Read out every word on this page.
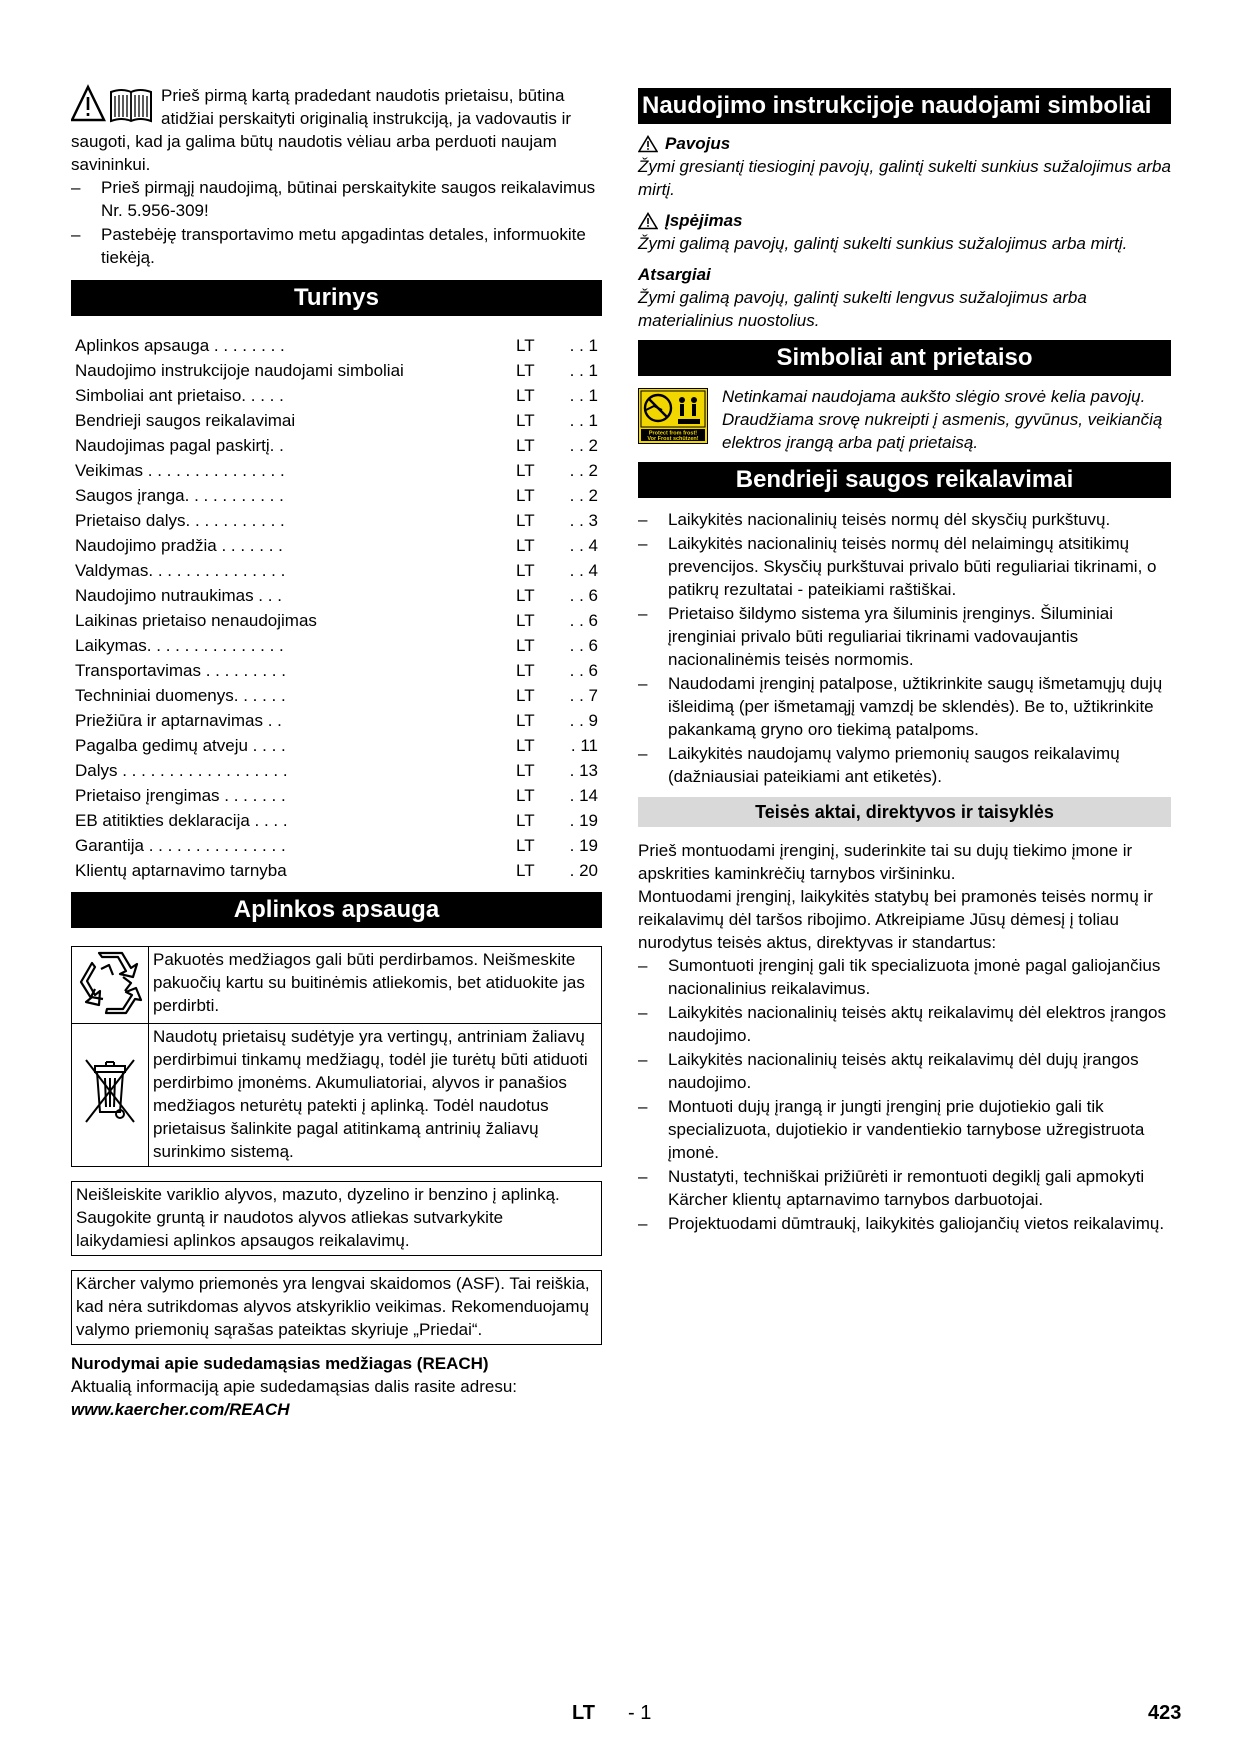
Prieš pirmą kartą pradedant naudotis prietaisu, būtina atidžiai perskaityti originalią instrukciją, ja vadovautis ir saugoti, kad ja galima būtų naudotis vėliau arba perduoti naujam savininkui.

– Prieš pirmąjį naudojimą, būtinai perskaitykite saugos reikalavimus Nr. 5.956-309!
– Pastebėję transportavimo metu apgadintas detales, informuokite tiekėją.
Turinys
Aplinkos apsauga . . . . . . . .	LT	. . 1
Naudojimo instrukcijoje naudojami simboliai	LT	. . 1
Simboliai ant prietaiso. . . . .	LT	. . 1
Bendrieji saugos reikalavimai	LT	. . 1
Naudojimas pagal paskirtį. .	LT	. . 2
Veikimas . . . . . . . . . . . . . . .	LT	. . 2
Saugos įranga. . . . . . . . . . .	LT	. . 2
Prietaiso dalys. . . . . . . . . . .	LT	. . 3
Naudojimo pradžia . . . . . . .	LT	. . 4
Valdymas. . . . . . . . . . . . . . .	LT	. . 4
Naudojimo nutraukimas . . .	LT	. . 6
Laikinas prietaiso nenaudojimas	LT	. . 6
Laikymas. . . . . . . . . . . . . . .	LT	. . 6
Transportavimas . . . . . . . . .	LT	. . 6
Techniniai duomenys. . . . . .	LT	. . 7
Priežiūra ir aptarnavimas . .	LT	. . 9
Pagalba gedimų atveju . . . .	LT	. 11
Dalys . . . . . . . . . . . . . . . . . .	LT	. 13
Prietaiso įrengimas . . . . . . .	LT	. 14
EB atitikties deklaracija . . . .	LT	. 19
Garantija . . . . . . . . . . . . . . .	LT	. 19
Klientų aptarnavimo tarnyba	LT	. 20
Aplinkos apsauga
	Pakuotės medžiagos gali būti perdirbamos. Neišmeskite pakuočių kartu su buitinėmis atliekomis, bet atiduokite jas perdirbti.
	Naudotų prietaisų sudėtyje yra vertingų, antriniam žaliavų perdirbimui tinkamų medžiagų, todėl jie turėtų būti atiduoti perdirbimo įmonėms. Akumuliatoriai, alyvos ir panašios medžiagos neturėtų patekti į aplinką. Todėl naudotus prietaisus šalinkite pagal atitinkamą antrinių žaliavų surinkimo sistemą.

Neišleiskite variklio alyvos, mazuto, dyzelino ir benzino į aplinką. Saugokite gruntą ir naudotos alyvos atliekas sutvarkykite laikydamiesi aplinkos apsaugos reikalavimų.

Kärcher valymo priemonės yra lengvai skaidomos (ASF). Tai reiškia, kad nėra sutrikdomas alyvos atskyriklio veikimas. Rekomenduojamų valymo priemonių sąrašas pateiktas skyriuje „Priedai“.

Nurodymai apie sudedamąsias medžiagas (REACH)

Aktualią informaciją apie sudedamąsias dalis rasite adresu:

www.kaercher.com/REACH

Naudojimo instrukcijoje naudojami simboliai
Pavojus

Žymi gresiantį tiesioginį pavojų, galintį sukelti sunkius sužalojimus arba mirtį.

Įspėjimas

Žymi galimą pavojų, galintį sukelti sunkius sužalojimus arba mirtį.

Atsargiai

Žymi galimą pavojų, galintį sukelti lengvus sužalojimus arba materialinius nuostolius.

Simboliai ant prietaiso
Protect from frost!
Vor Frost schützen!

Netinkamai naudojama aukšto slėgio srovė kelia pavojų. Draudžiama srovę nukreipti į asmenis, gyvūnus, veikiančią elektros įrangą arba patį prietaisą.

Bendrieji saugos reikalavimai
– Laikykitės nacionalinių teisės normų dėl skysčių purkštuvų.
– Laikykitės nacionalinių teisės normų dėl nelaimingų atsitikimų prevencijos. Skysčių purkštuvai privalo būti reguliariai tikrinami, o patikrų rezultatai - pateikiami raštiškai.
– Prietaiso šildymo sistema yra šiluminis įrenginys. Šiluminiai įrenginiai privalo būti reguliariai tikrinami vadovaujantis nacionalinėmis teisės normomis.
– Naudodami įrenginį patalpose, užtikrinkite saugų išmetamųjų dujų išleidimą (per išmetamąjį vamzdį be sklendės). Be to, užtikrinkite pakankamą gryno oro tiekimą patalpoms.
– Laikykitės naudojamų valymo priemonių saugos reikalavimų (dažniausiai pateikiami ant etiketės).
Teisės aktai, direktyvos ir taisyklės

Prieš montuodami įrenginį, suderinkite tai su dujų tiekimo įmone ir apskrities kaminkrėčių tarnybos viršininku.

Montuodami įrenginį, laikykitės statybų bei pramonės teisės normų ir reikalavimų dėl taršos ribojimo. Atkreipiame Jūsų dėmesį į toliau nurodytus teisės aktus, direktyvas ir standartus:

– Sumontuoti įrenginį gali tik specializuota įmonė pagal galiojančius nacionalinius reikalavimus.
– Laikykitės nacionalinių teisės aktų reikalavimų dėl elektros įrangos naudojimo.
– Laikykitės nacionalinių teisės aktų reikalavimų dėl dujų įrangos naudojimo.
– Montuoti dujų įrangą ir jungti įrenginį prie dujotiekio gali tik specializuota, dujotiekio ir vandentiekio tarnybose užregistruota įmonė.
– Nustatyti, techniškai prižiūrėti ir remontuoti degiklį gali apmokyti Kärcher klientų aptarnavimo tarnybos darbuotojai.
– Projektuodami dūmtraukį, laikykitės galiojančių vietos reikalavimų.
LT - 1	423
